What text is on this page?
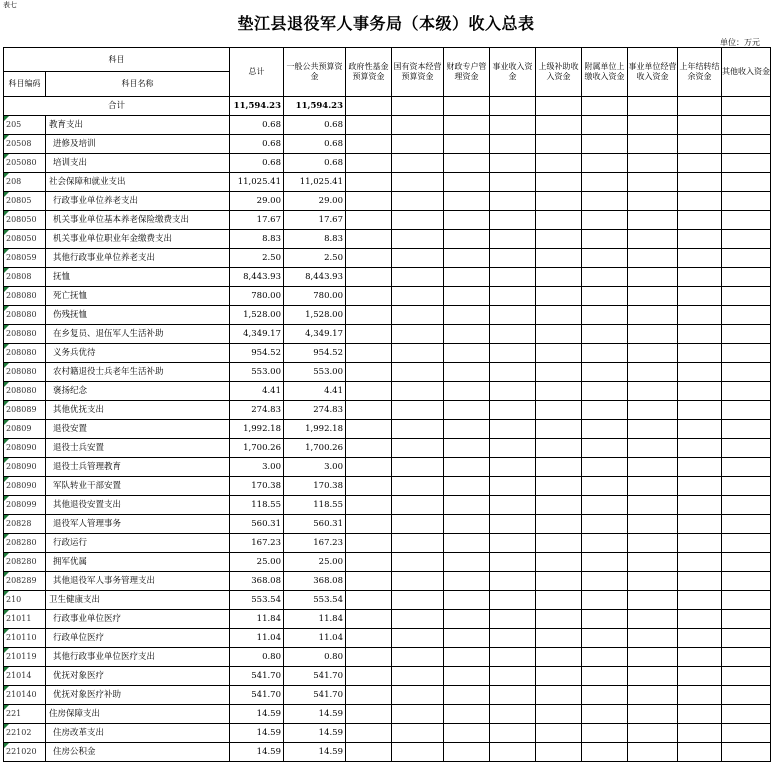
表七
垫江县退役军人事务局（本级）收入总表
单位：万元
科目		总计	一般公共预算资金	政府性基金预算资金	国有资本经营预算资金	财政专户管理资金	事业收入资金	上级补助收入资金	附属单位上缴收入资金	事业单位经营收入资金	上年结转结余资金	其他收入资金
科目编码	科目名称											
合计		11,594.23	11,594.23									

205	教育支出	0.68	0.68									

20508	进修及培训	0.68	0.68									

205080	培训支出	0.68	0.68									

208	社会保障和就业支出	11,025.41	11,025.41									

20805	行政事业单位养老支出	29.00	29.00									

208050	机关事业单位基本养老保险缴费支出	17.67	17.67									

208050	机关事业单位职业年金缴费支出	8.83	8.83									

208059	其他行政事业单位养老支出	2.50	2.50									

20808	抚恤	8,443.93	8,443.93									

208080	死亡抚恤	780.00	780.00									

208080	伤残抚恤	1,528.00	1,528.00									

208080	在乡复员、退伍军人生活补助	4,349.17	4,349.17									

208080	义务兵优待	954.52	954.52									

208080	农村籍退役士兵老年生活补助	553.00	553.00									

208080	褒扬纪念	4.41	4.41									

208089	其他优抚支出	274.83	274.83									

20809	退役安置	1,992.18	1,992.18									

208090	退役士兵安置	1,700.26	1,700.26									

208090	退役士兵管理教育	3.00	3.00									

208090	军队转业干部安置	170.38	170.38									

208099	其他退役安置支出	118.55	118.55									

20828	退役军人管理事务	560.31	560.31									

208280	行政运行	167.23	167.23									

208280	拥军优属	25.00	25.00									

208289	其他退役军人事务管理支出	368.08	368.08									

210	卫生健康支出	553.54	553.54									

21011	行政事业单位医疗	11.84	11.84									

210110	行政单位医疗	11.04	11.04									

210119	其他行政事业单位医疗支出	0.80	0.80									

21014	优抚对象医疗	541.70	541.70									

210140	优抚对象医疗补助	541.70	541.70									

221	住房保障支出	14.59	14.59									

22102	住房改革支出	14.59	14.59									

221020	住房公积金	14.59	14.59									
